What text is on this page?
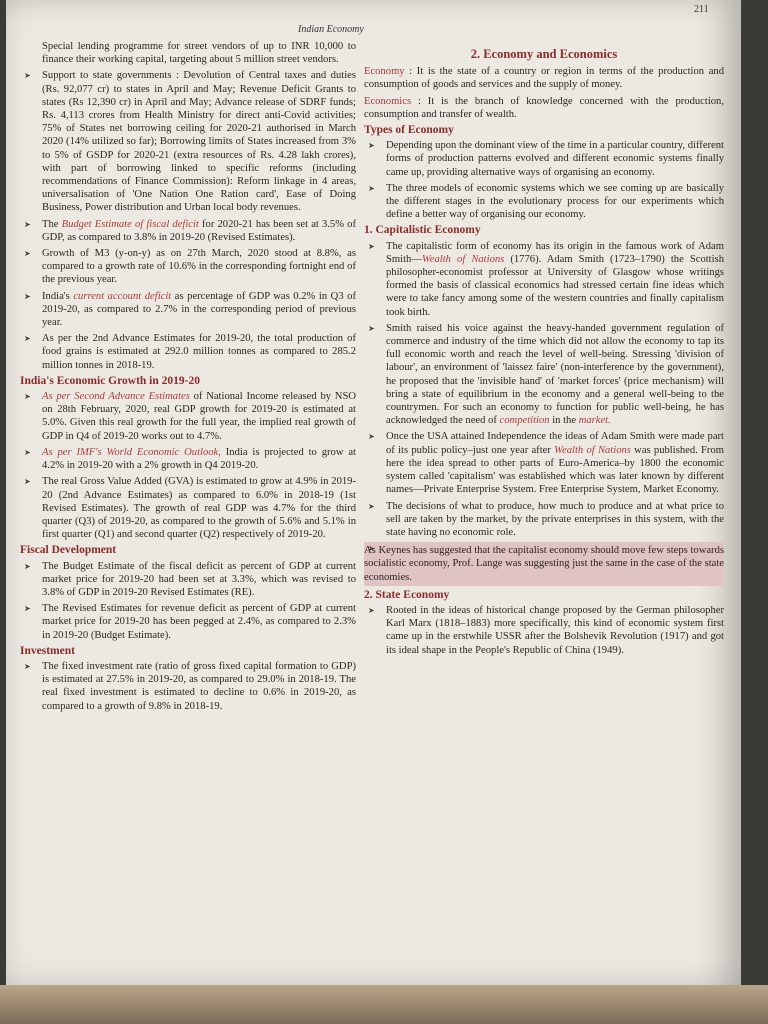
211
Indian Economy

Special lending programme for street vendors of up to INR 10,000 to finance their working capital, targeting about 5 million street vendors.

➤ Support to state governments : Devolution of Central taxes and duties (Rs. 92,077 cr) to states in April and May; Revenue Deficit Grants to states (Rs 12,390 cr) in April and May; Advance release of SDRF funds; Rs. 4,113 crores from Health Ministry for direct anti-Covid activities; 75% of States net borrowing ceiling for 2020-21 authorised in March 2020 (14% utilized so far); Borrowing limits of States increased from 3% to 5% of GSDP for 2020-21 (extra resources of Rs. 4.28 lakh crores), with part of borrowing linked to specific reforms (including recommendations of Finance Commission): Reform linkage in 4 areas, universalisation of 'One Nation One Ration card', Ease of Doing Business, Power distribution and Urban local body revenues.

➤ The Budget Estimate of fiscal deficit for 2020-21 has been set at 3.5% of GDP, as compared to 3.8% in 2019-20 (Revised Estimates).

➤ Growth of M3 (y-on-y) as on 27th March, 2020 stood at 8.8%, as compared to a growth rate of 10.6% in the corresponding fortnight end of the previous year.

➤ India's current account deficit as percentage of GDP was 0.2% in Q3 of 2019-20, as compared to 2.7% in the corresponding period of previous year.

➤ As per the 2nd Advance Estimates for 2019-20, the total production of food grains is estimated at 292.0 million tonnes as compared to 285.2 million tonnes in 2018-19.

India's Economic Growth in 2019-20

➤ As per Second Advance Estimates of National Income released by NSO on 28th February, 2020, real GDP growth for 2019-20 is estimated at 5.0%. Given this real growth for the full year, the implied real growth of GDP in Q4 of 2019-20 works out to 4.7%.

➤ As per IMF's World Economic Outlook, India is projected to grow at 4.2% in 2019-20 with a 2% growth in Q4 2019-20.

➤ The real Gross Value Added (GVA) is estimated to grow at 4.9% in 2019-20 (2nd Advance Estimates) as compared to 6.0% in 2018-19 (1st Revised Estimates). The growth of real GDP was 4.7% for the third quarter (Q3) of 2019-20, as compared to the growth of 5.6% and 5.1% in first quarter (Q1) and second quarter (Q2) respectively of 2019-20.

Fiscal Development

➤ The Budget Estimate of the fiscal deficit as percent of GDP at current market price for 2019-20 had been set at 3.3%, which was revised to 3.8% of GDP in 2019-20 Revised Estimates (RE).

➤ The Revised Estimates for revenue deficit as percent of GDP at current market price for 2019-20 has been pegged at 2.4%, as compared to 2.3% in 2019-20 (Budget Estimate).

Investment

➤ The fixed investment rate (ratio of gross fixed capital formation to GDP) is estimated at 27.5% in 2019-20, as compared to 29.0% in 2018-19. The real fixed investment is estimated to decline to 0.6% in 2019-20, as compared to a growth of 9.8% in 2018-19.

2. Economy and Economics

Economy : It is the state of a country or region in terms of the production and consumption of goods and services and the supply of money.

Economics : It is the branch of knowledge concerned with the production, consumption and transfer of wealth.

Types of Economy

➤ Depending upon the dominant view of the time in a particular country, different forms of production patterns evolved and different economic systems finally came up, providing alternative ways of organising an economy.

➤ The three models of economic systems which we see coming up are basically the different stages in the evolutionary process for our experiments which define a better way of organising our economy.

1. Capitalistic Economy

➤ The capitalistic form of economy has its origin in the famous work of Adam Smith—Wealth of Nations (1776). Adam Smith (1723–1790) the Scottish philosopher-economist professor at University of Glasgow whose writings formed the basis of classical economics had stressed certain fine ideas which were to take fancy among some of the western countries and finally capitalism took birth.

➤ Smith raised his voice against the heavy-handed government regulation of commerce and industry of the time which did not allow the economy to tap its full economic worth and reach the level of well-being. Stressing 'division of labour', an environment of 'laissez faire' (non-interference by the government), he proposed that the 'invisible hand' of 'market forces' (price mechanism) will bring a state of equilibrium in the economy and a general well-being to the countrymen. For such an economy to function for public well-being, he has acknowledged the need of competition in the market.

➤ Once the USA attained Independence the ideas of Adam Smith were made part of its public policy–just one year after Wealth of Nations was published. From here the idea spread to other parts of Euro-America–by 1800 the economic system called 'capitalism' was established which was later known by different names—Private Enterprise System. Free Enterprise System, Market Economy.

➤ The decisions of what to produce, how much to produce and at what price to sell are taken by the market, by the private enterprises in this system, with the state having no economic role.

➤ As Keynes has suggested that the capitalist economy should move few steps towards socialistic economy, Prof. Lange was suggesting just the same in the case of the state economies.

2. State Economy

➤ Rooted in the ideas of historical change proposed by the German philosopher Karl Marx (1818–1883) more specifically, this kind of economic system first came up in the erstwhile USSR after the Bolshevik Revolution (1917) and got its ideal shape in the People's Republic of China (1949).
